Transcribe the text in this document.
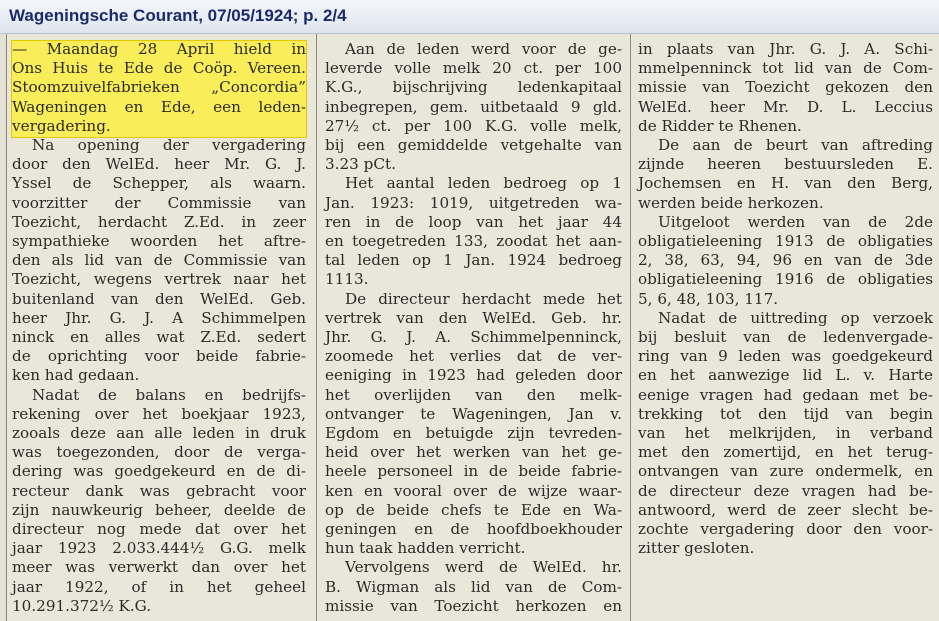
Wageningsche Courant, 07/05/1924; p. 2/4
— Maandag 28 April hield in
Ons Huis te Ede de Coöp. Vereen.
Stoomzuivelfabrieken „Concordia”
Wageningen en Ede, een leden-
vergadering.
Na opening der vergadering
door den WelEd. heer Mr. G. J.
Yssel de Schepper, als waarn.
voorzitter der Commissie van
Toezicht, herdacht Z.Ed. in zeer
sympathieke woorden het aftre-
den als lid van de Commissie van
Toezicht, wegens vertrek naar het
buitenland van den WelEd. Geb.
heer Jhr. G. J. A Schimmelpen
ninck en alles wat Z.Ed. sedert
de oprichting voor beide fabrie-
ken had gedaan.
Nadat de balans en bedrijfs-
rekening over het boekjaar 1923,
zooals deze aan alle leden in druk
was toegezonden, door de verga-
dering was goedgekeurd en de di-
recteur dank was gebracht voor
zijn nauwkeurig beheer, deelde de
directeur nog mede dat over het
jaar 1923 2.033.444½ G.G. melk
meer was verwerkt dan over het
jaar 1922, of in het geheel
10.291.372½ K.G.
Aan de leden werd voor de ge-
leverde volle melk 20 ct. per 100
K.G., bijschrijving ledenkapitaal
inbegrepen, gem. uitbetaald 9 gld.
27½ ct. per 100 K.G. volle melk,
bij een gemiddelde vetgehalte van
3.23 pCt.
Het aantal leden bedroeg op 1
Jan. 1923: 1019, uitgetreden wa-
ren in de loop van het jaar 44
en toegetreden 133, zoodat het aan-
tal leden op 1 Jan. 1924 bedroeg
1113.
De directeur herdacht mede het
vertrek van den WelEd. Geb. hr.
Jhr. G. J. A. Schimmelpenninck,
zoomede het verlies dat de ver-
eeniging in 1923 had geleden door
het overlijden van den melk-
ontvanger te Wageningen, Jan v.
Egdom en betuigde zijn tevreden-
heid over het werken van het ge-
heele personeel in de beide fabrie-
ken en vooral over de wijze waar-
op de beide chefs te Ede en Wa-
geningen en de hoofdboekhouder
hun taak hadden verricht.
Vervolgens werd de WelEd. hr.
B. Wigman als lid van de Com-
missie van Toezicht herkozen en
in plaats van Jhr. G. J. A. Schi-
mmelpenninck tot lid van de Com-
missie van Toezicht gekozen den
WelEd. heer Mr. D. L. Leccius
de Ridder te Rhenen.
De aan de beurt van aftreding
zijnde heeren bestuursleden E.
Jochemsen en H. van den Berg,
werden beide herkozen.
Uitgeloot werden van de 2de
obligatieleening 1913 de obligaties
2, 38, 63, 94, 96 en van de 3de
obligatieleening 1916 de obligaties
5, 6, 48, 103, 117.
Nadat de uittreding op verzoek
bij besluit van de ledenvergade-
ring van 9 leden was goedgekeurd
en het aanwezige lid L. v. Harte
eenige vragen had gedaan met be-
trekking tot den tijd van begin
van het melkrijden, in verband
met den zomertijd, en het terug-
ontvangen van zure ondermelk, en
de directeur deze vragen had be-
antwoord, werd de zeer slecht be-
zochte vergadering door den voor-
zitter gesloten.
